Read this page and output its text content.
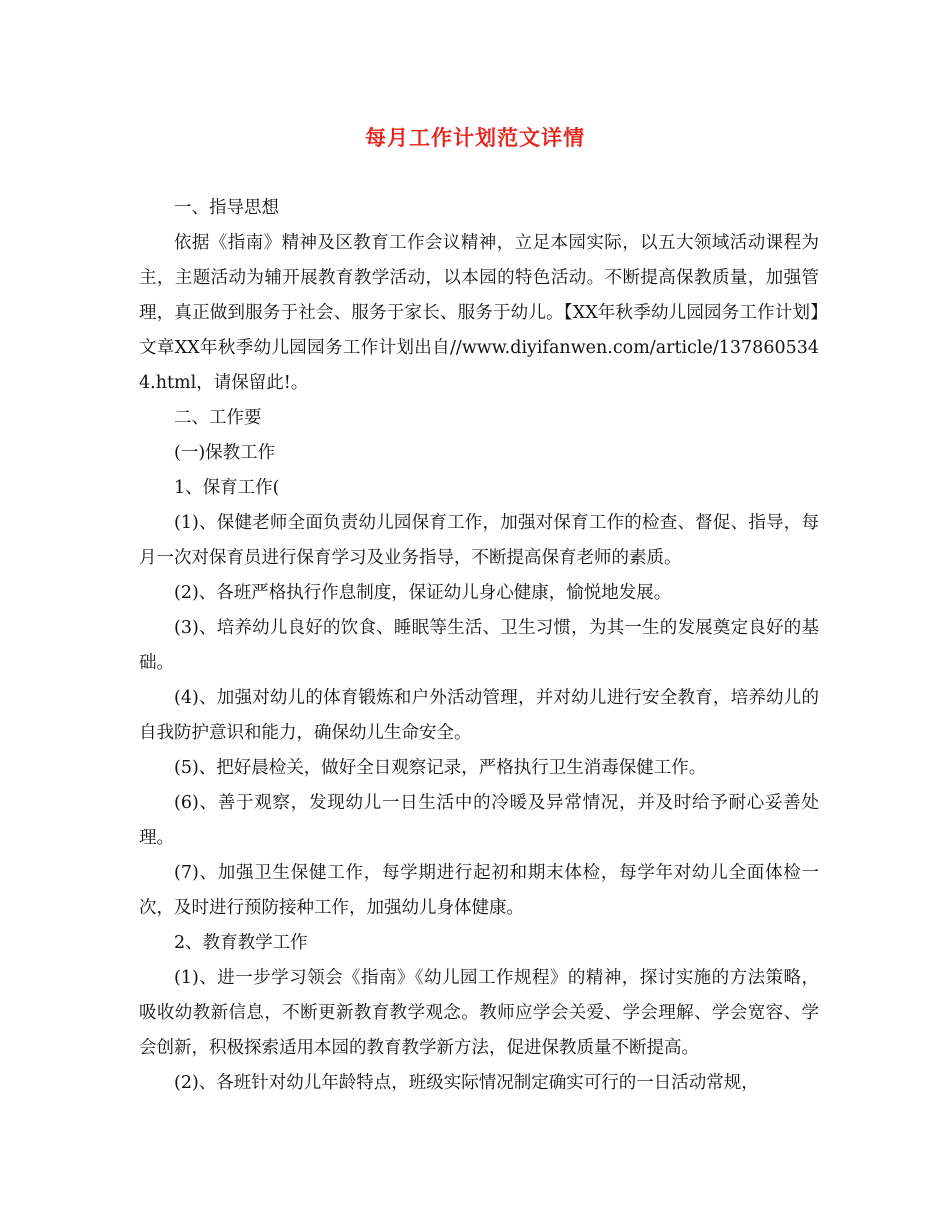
每月工作计划范文详情

一、指导思想

依据《指南》精神及区教育工作会议精神，立足本园实际，以五大领域活动课程为主，主题活动为辅开展教育教学活动，以本园的特色活动。不断提高保教质量，加强管理，真正做到服务于社会、服务于家长、服务于幼儿。【XX年秋季幼儿园园务工作计划】文章XX年秋季幼儿园园务工作计划出自//www.diyifanwen.com/article/1378605344.html，请保留此!。

二、工作要

(一)保教工作

1、保育工作(

(1)、保健老师全面负责幼儿园保育工作，加强对保育工作的检查、督促、指导，每月一次对保育员进行保育学习及业务指导，不断提高保育老师的素质。

(2)、各班严格执行作息制度，保证幼儿身心健康，愉悦地发展。

(3)、培养幼儿良好的饮食、睡眠等生活、卫生习惯，为其一生的发展奠定良好的基础。

(4)、加强对幼儿的体育锻炼和户外活动管理，并对幼儿进行安全教育，培养幼儿的自我防护意识和能力，确保幼儿生命安全。

(5)、把好晨检关，做好全日观察记录，严格执行卫生消毒保健工作。

(6)、善于观察，发现幼儿一日生活中的冷暖及异常情况，并及时给予耐心妥善处理。

(7)、加强卫生保健工作，每学期进行起初和期末体检，每学年对幼儿全面体检一次，及时进行预防接种工作，加强幼儿身体健康。

2、教育教学工作

(1)、进一步学习领会《指南》《幼儿园工作规程》的精神，探讨实施的方法策略，吸收幼教新信息，不断更新教育教学观念。教师应学会关爱、学会理解、学会宽容、学会创新，积极探索适用本园的教育教学新方法，促进保教质量不断提高。

(2)、各班针对幼儿年龄特点，班级实际情况制定确实可行的一日活动常规，
